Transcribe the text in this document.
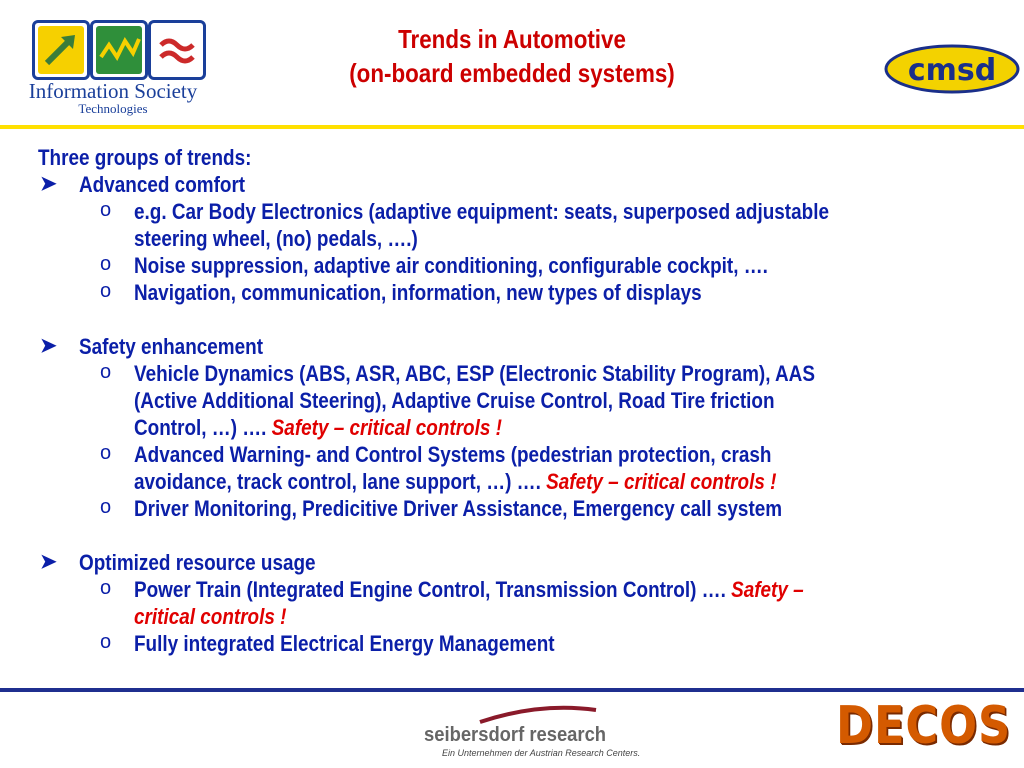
Information Society
Technologies
Trends in Automotive
(on-board embedded systems)	cmsd
Three groups of trends:
➤ Advanced comfort
o e.g. Car Body Electronics (adaptive equipment: seats, superposed adjustable
steering wheel, (no) pedals, ….)
o Noise suppression, adaptive air conditioning, configurable cockpit, ….
o Navigation, communication, information, new types of displays
➤ Safety enhancement
o Vehicle Dynamics (ABS, ASR, ABC, ESP (Electronic Stability Program), AAS
(Active Additional Steering), Adaptive Cruise Control, Road Tire friction
Control, …) …. Safety – critical controls !
o Advanced Warning- and Control Systems (pedestrian protection, crash
avoidance, track control, lane support, …) …. Safety – critical controls !
o Driver Monitoring, Predicitive Driver Assistance, Emergency call system
➤ Optimized resource usage
o Power Train (Integrated Engine Control, Transmission Control) …. Safety –
critical controls !
o Fully integrated Electrical Energy Management
seibersdorf research
Ein Unternehmen der Austrian Research Centers.	DECOS
